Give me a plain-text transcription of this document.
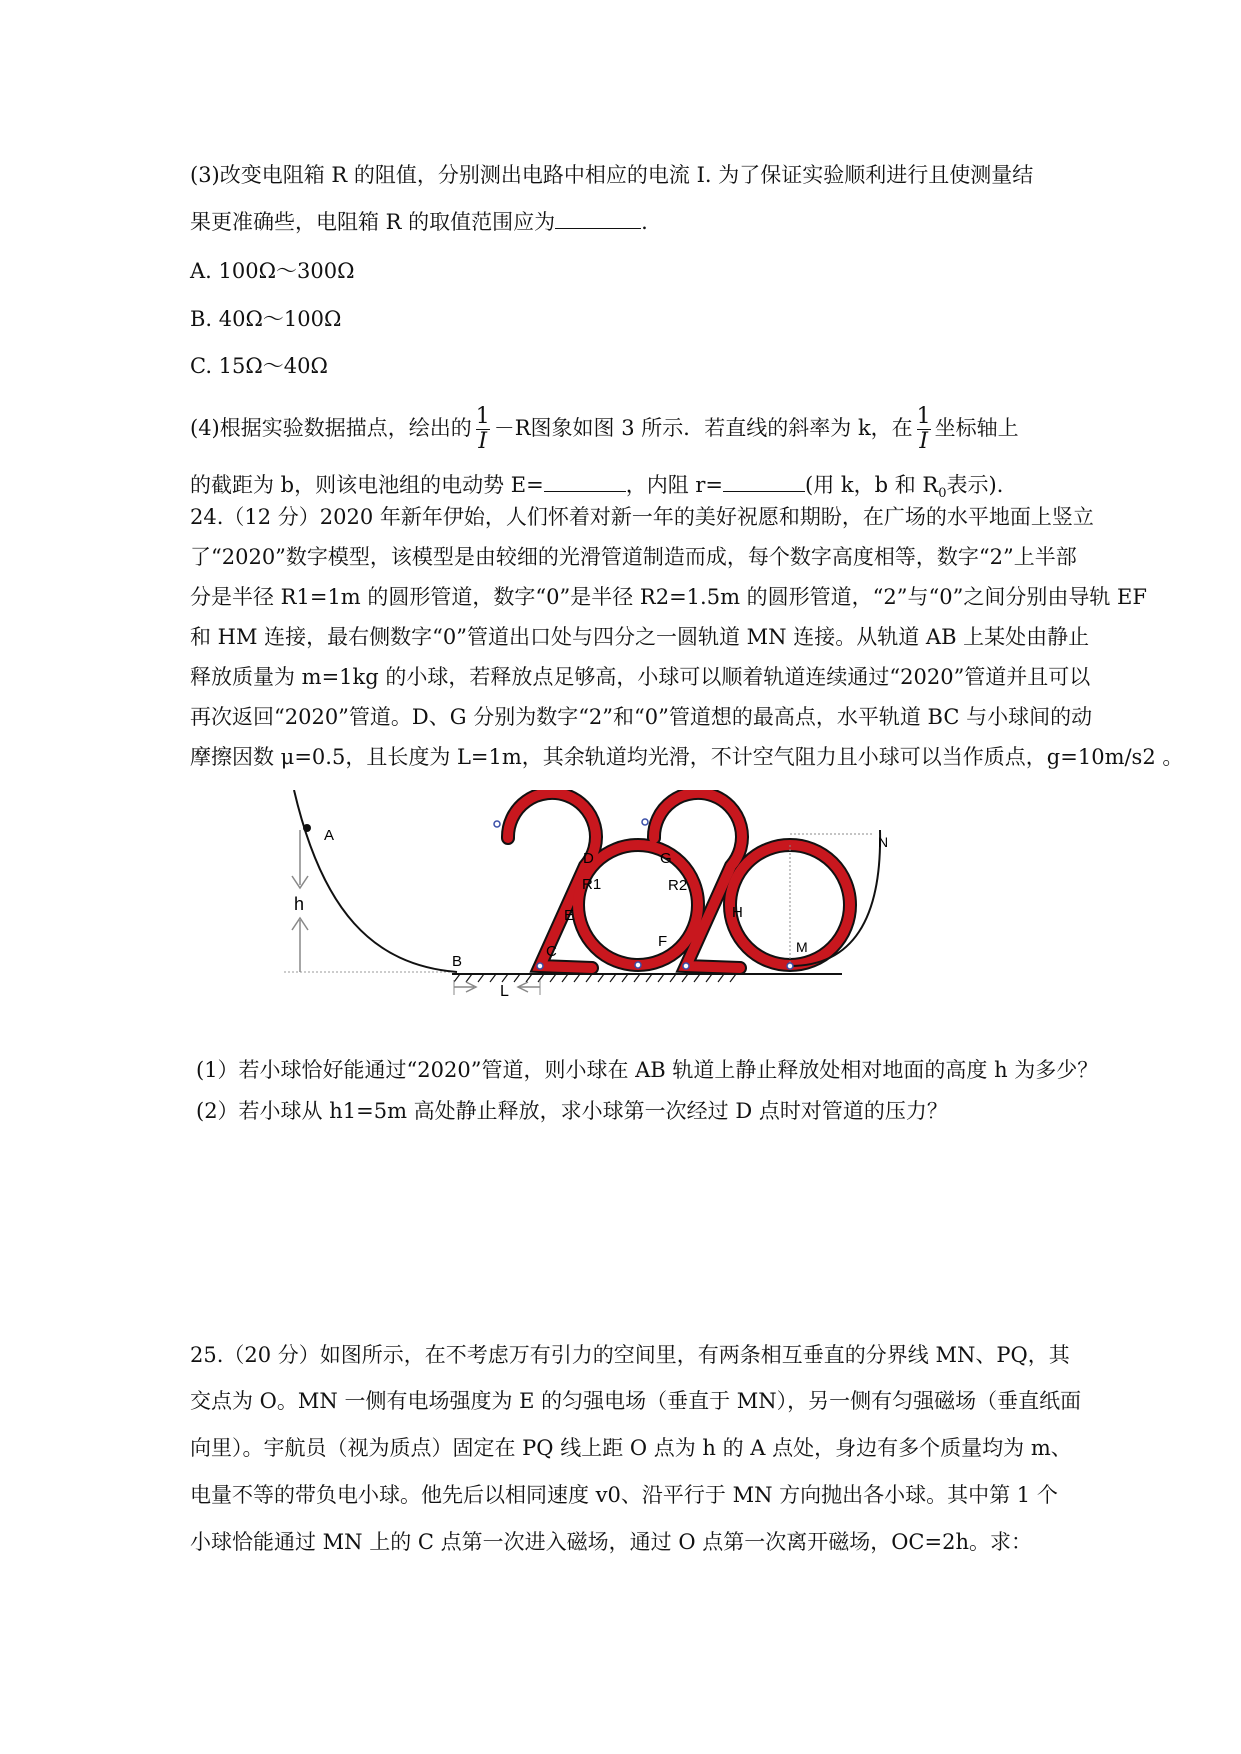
(3)改变电阻箱 R 的阻值，分别测出电路中相应的电流 I. 为了保证实验顺利进行且使测量结
果更准确些，电阻箱 R 的取值范围应为	.
A. 100Ω～300Ω
B. 40Ω～100Ω
C. 15Ω～40Ω
(4)根据实验数据描点，绘出的 $\frac{1}{I} -R$图象如图 3 所示．若直线的斜率为 k，在 $\frac{1}{I}$ 坐标轴上
的截距为 b，则该电池组的电动势 E=	，内阻 r=	(用 k，b 和 $R_0$表示)．
24.（12 分）2020 年新年伊始，人们怀着对新一年的美好祝愿和期盼，在广场的水平地面上竖立
了“2020”数字模型，该模型是由较细的光滑管道制造而成，每个数字高度相等，数字“2”上半部
分是半径 R1=1m 的圆形管道，数字“0”是半径 R2=1.5m 的圆形管道，“2”与“0”之间分别由导轨 EF
和 HM 连接，最右侧数字“0”管道出口处与四分之一圆轨道 MN 连接。从轨道 AB 上某处由静止
释放质量为 m=1kg 的小球，若释放点足够高，小球可以顺着轨道连续通过“2020”管道并且可以
再次返回“2020”管道。D、G 分别为数字“2”和“0”管道想的最高点，水平轨道 BC 与小球间的动
摩擦因数 μ=0.5，且长度为 L=1m，其余轨道均光滑，不计空气阻力且小球可以当作质点，g=10m/s2 。
A
h
B
L
C
D
E
R1
F
G
R2
H
M
N
(1）若小球恰好能通过“2020”管道，则小球在 AB 轨道上静止释放处相对地面的高度 h 为多少？
(2）若小球从 h1=5m 高处静止释放，求小球第一次经过 D 点时对管道的压力？
25.（20 分）如图所示，在不考虑万有引力的空间里，有两条相互垂直的分界线 MN、PQ，其
交点为 O。MN 一侧有电场强度为 E 的匀强电场（垂直于 MN），另一侧有匀强磁场（垂直纸面
向里）。宇航员（视为质点）固定在 PQ 线上距 O 点为 h 的 A 点处，身边有多个质量均为 m、
电量不等的带负电小球。他先后以相同速度 v0、沿平行于 MN 方向抛出各小球。其中第 1 个
小球恰能通过 MN 上的 C 点第一次进入磁场，通过 O 点第一次离开磁场，OC=2h。求：
